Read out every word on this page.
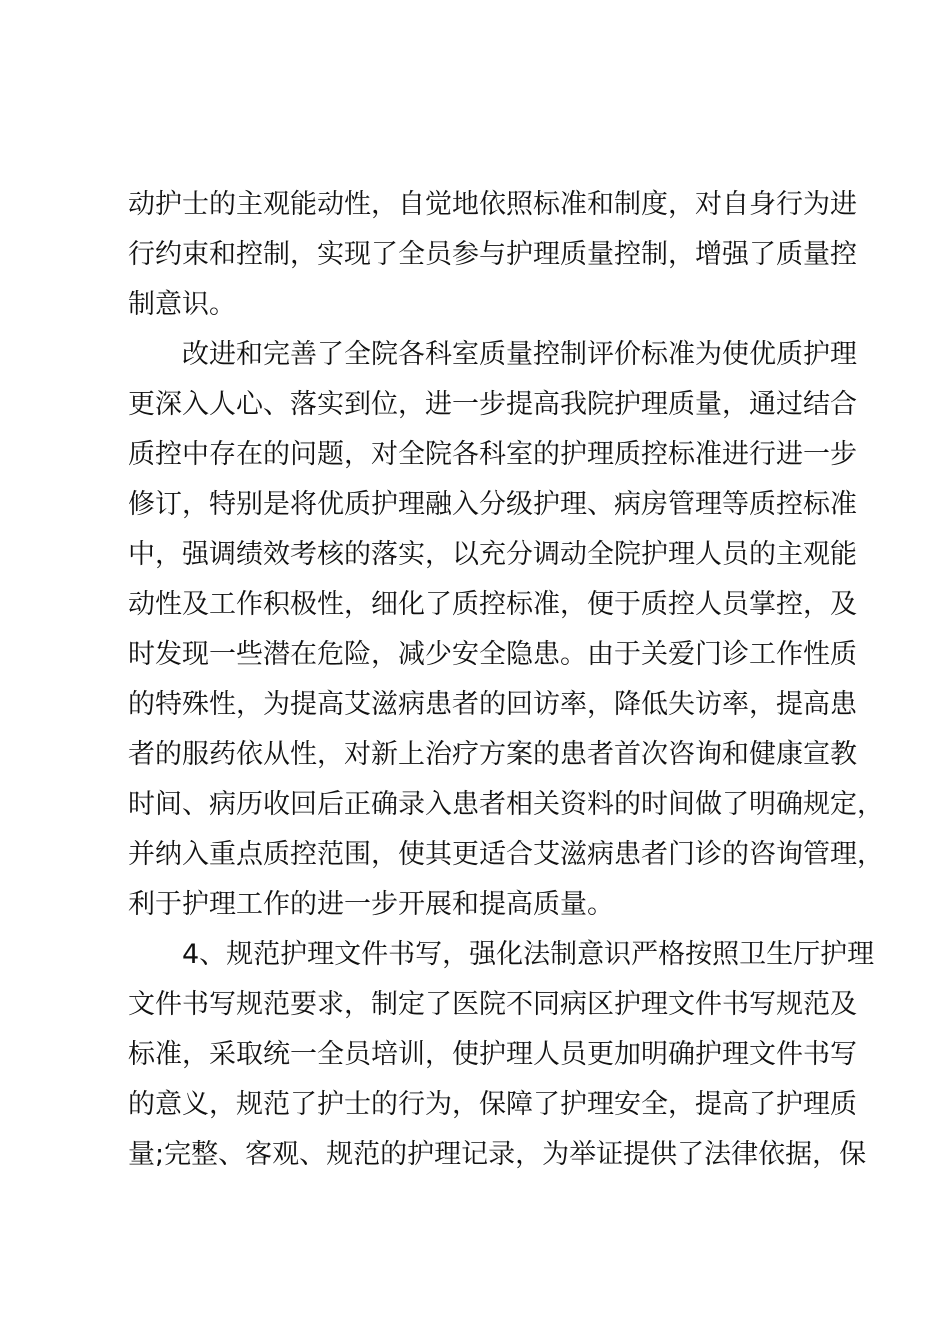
动护士的主观能动性，自觉地依照标准和制度，对自身行为进
行约束和控制，实现了全员参与护理质量控制，增强了质量控
制意识。
改进和完善了全院各科室质量控制评价标准为使优质护理
更深入人心、落实到位，进一步提高我院护理质量，通过结合
质控中存在的问题，对全院各科室的护理质控标准进行进一步
修订，特别是将优质护理融入分级护理、病房管理等质控标准
中，强调绩效考核的落实，以充分调动全院护理人员的主观能
动性及工作积极性，细化了质控标准，便于质控人员掌控，及
时发现一些潜在危险，减少安全隐患。由于关爱门诊工作性质
的特殊性，为提高艾滋病患者的回访率，降低失访率，提高患
者的服药依从性，对新上治疗方案的患者首次咨询和健康宣教
时间、病历收回后正确录入患者相关资料的时间做了明确规定，
并纳入重点质控范围，使其更适合艾滋病患者门诊的咨询管理，
利于护理工作的进一步开展和提高质量。
4、规范护理文件书写，强化法制意识严格按照卫生厅护理
文件书写规范要求，制定了医院不同病区护理文件书写规范及
标准，采取统一全员培训，使护理人员更加明确护理文件书写
的意义，规范了护士的行为，保障了护理安全，提高了护理质
量;完整、客观、规范的护理记录，为举证提供了法律依据，保
